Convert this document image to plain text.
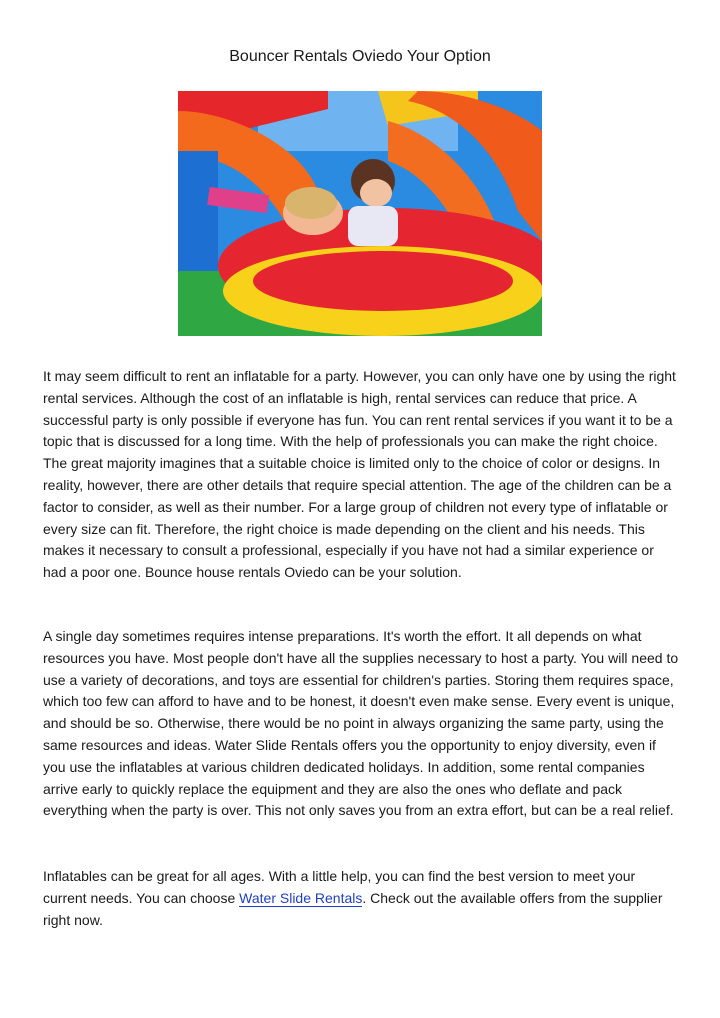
Bouncer Rentals Oviedo Your Option

It may seem difficult to rent an inflatable for a party. However, you can only have one by using the right rental services. Although the cost of an inflatable is high, rental services can reduce that price. A successful party is only possible if everyone has fun. You can rent rental services if you want it to be a topic that is discussed for a long time. With the help of professionals you can make the right choice. The great majority imagines that a suitable choice is limited only to the choice of color or designs. In reality, however, there are other details that require special attention. The age of the children can be a factor to consider, as well as their number. For a large group of children not every type of inflatable or every size can fit. Therefore, the right choice is made depending on the client and his needs. This makes it necessary to consult a professional, especially if you have not had a similar experience or had a poor one. Bounce house rentals Oviedo can be your solution.

A single day sometimes requires intense preparations. It's worth the effort. It all depends on what resources you have. Most people don't have all the supplies necessary to host a party. You will need to use a variety of decorations, and toys are essential for children's parties. Storing them requires space, which too few can afford to have and to be honest, it doesn't even make sense. Every event is unique, and should be so. Otherwise, there would be no point in always organizing the same party, using the same resources and ideas. Water Slide Rentals offers you the opportunity to enjoy diversity, even if you use the inflatables at various children dedicated holidays. In addition, some rental companies arrive early to quickly replace the equipment and they are also the ones who deflate and pack everything when the party is over. This not only saves you from an extra effort, but can be a real relief.

Inflatables can be great for all ages. With a little help, you can find the best version to meet your current needs. You can choose Water Slide Rentals. Check out the available offers from the supplier right now.
